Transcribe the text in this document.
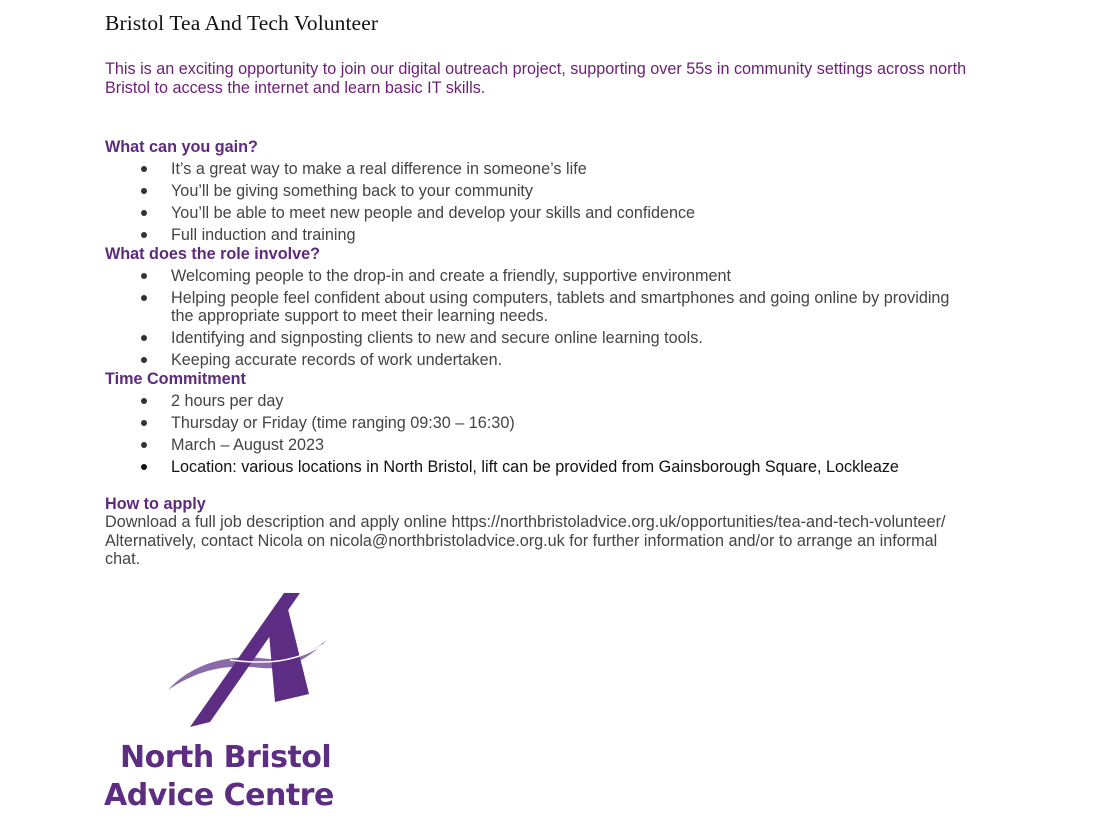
Bristol Tea And Tech Volunteer
This is an exciting opportunity to join our digital outreach project, supporting over 55s in community settings across north
Bristol to access the internet and learn basic IT skills.
What can you gain?
It’s a great way to make a real difference in someone’s life
You’ll be giving something back to your community
You’ll be able to meet new people and develop your skills and confidence
Full induction and training
What does the role involve?
Welcoming people to the drop-in and create a friendly, supportive environment
Helping people feel confident about using computers, tablets and smartphones and going online by providing
the appropriate support to meet their learning needs.
Identifying and signposting clients to new and secure online learning tools.
Keeping accurate records of work undertaken.
Time Commitment
2 hours per day
Thursday or Friday (time ranging 09:30 – 16:30)
March – August 2023
Location: various locations in North Bristol, lift can be provided from Gainsborough Square, Lockleaze
How to apply
Download a full job description and apply online https://northbristoladvice.org.uk/opportunities/tea-and-tech-volunteer/
Alternatively, contact Nicola on nicola@northbristoladvice.org.uk for further information and/or to arrange an informal
chat.
North Bristol
Advice Centre
